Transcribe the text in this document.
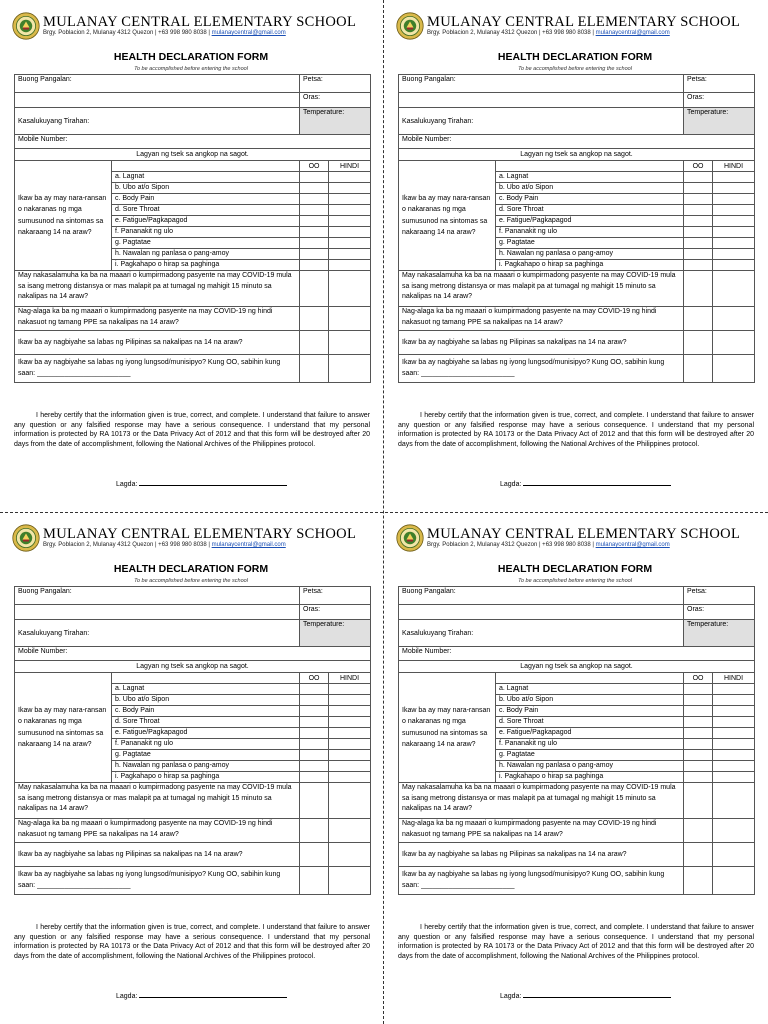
MULANAY CENTRAL ELEMENTARY SCHOOL
Brgy. Poblacion 2, Mulanay 4312 Quezon | +63 998 980 8038 | mulanaycentral@gmail.com
HEALTH DECLARATION FORM
To be accomplished before entering the school
Buong Pangalan:		Petsa:	
		Oras:	
Kasalukuyang Tirahan:		Temperature:	
Mobile Number:			
Lagyan ng tsek sa angkop na sagot.			
Ikaw ba ay may nara-ransan o nakaranas ng mga sumusunod na sintomas sa nakaraang 14 na araw?		OO	HINDI
	a. Lagnat		
	b. Ubo at/o Sipon		
	c. Body Pain		
	d. Sore Throat		
	e. Fatigue/Pagkapagod		
	f. Pananakit ng ulo		
	g. Pagtatae		
	h. Nawalan ng panlasa o pang-amoy		
	i. Pagkahapo o hirap sa paghinga		
May nakasalamuha ka ba na maaari o kumpirmadong pasyente na may COVID-19 mula sa isang metrong distansya or mas malapit pa at tumagal ng mahigit 15 minuto sa nakalipas na 14 araw?			
Nag-alaga ka ba ng maaari o kumpirmadong pasyente na may COVID-19 ng hindi nakasuot ng tamang PPE sa nakalipas na 14 araw?			
Ikaw ba ay nagbiyahe sa labas ng Pilipinas sa nakalipas na 14 na araw?			
Ikaw ba ay nagbiyahe sa labas ng iyong lungsod/munisipyo? Kung OO, sabihin kung saan: ________________________			

I hereby certify that the information given is true, correct, and complete. I understand that failure to answer any question or any falsified response may have a serious consequence. I understand that my personal information is protected by RA 10173 or the Data Privacy Act of 2012 and that this form will be destroyed after 20 days from the date of accomplishment, following the National Archives of the Philippines protocol.

Lagda:
MULANAY CENTRAL ELEMENTARY SCHOOL
Brgy. Poblacion 2, Mulanay 4312 Quezon | +63 998 980 8038 | mulanaycentral@gmail.com
HEALTH DECLARATION FORM
To be accomplished before entering the school
Buong Pangalan:		Petsa:	
		Oras:	
Kasalukuyang Tirahan:		Temperature:	
Mobile Number:			
Lagyan ng tsek sa angkop na sagot.			
Ikaw ba ay may nara-ransan o nakaranas ng mga sumusunod na sintomas sa nakaraang 14 na araw?		OO	HINDI
	a. Lagnat		
	b. Ubo at/o Sipon		
	c. Body Pain		
	d. Sore Throat		
	e. Fatigue/Pagkapagod		
	f. Pananakit ng ulo		
	g. Pagtatae		
	h. Nawalan ng panlasa o pang-amoy		
	i. Pagkahapo o hirap sa paghinga		
May nakasalamuha ka ba na maaari o kumpirmadong pasyente na may COVID-19 mula sa isang metrong distansya or mas malapit pa at tumagal ng mahigit 15 minuto sa nakalipas na 14 araw?			
Nag-alaga ka ba ng maaari o kumpirmadong pasyente na may COVID-19 ng hindi nakasuot ng tamang PPE sa nakalipas na 14 araw?			
Ikaw ba ay nagbiyahe sa labas ng Pilipinas sa nakalipas na 14 na araw?			
Ikaw ba ay nagbiyahe sa labas ng iyong lungsod/munisipyo? Kung OO, sabihin kung saan: ________________________			

I hereby certify that the information given is true, correct, and complete. I understand that failure to answer any question or any falsified response may have a serious consequence. I understand that my personal information is protected by RA 10173 or the Data Privacy Act of 2012 and that this form will be destroyed after 20 days from the date of accomplishment, following the National Archives of the Philippines protocol.

Lagda:
MULANAY CENTRAL ELEMENTARY SCHOOL
Brgy. Poblacion 2, Mulanay 4312 Quezon | +63 998 980 8038 | mulanaycentral@gmail.com
HEALTH DECLARATION FORM
To be accomplished before entering the school
Buong Pangalan:		Petsa:	
		Oras:	
Kasalukuyang Tirahan:		Temperature:	
Mobile Number:			
Lagyan ng tsek sa angkop na sagot.			
Ikaw ba ay may nara-ransan o nakaranas ng mga sumusunod na sintomas sa nakaraang 14 na araw?		OO	HINDI
	a. Lagnat		
	b. Ubo at/o Sipon		
	c. Body Pain		
	d. Sore Throat		
	e. Fatigue/Pagkapagod		
	f. Pananakit ng ulo		
	g. Pagtatae		
	h. Nawalan ng panlasa o pang-amoy		
	i. Pagkahapo o hirap sa paghinga		
May nakasalamuha ka ba na maaari o kumpirmadong pasyente na may COVID-19 mula sa isang metrong distansya or mas malapit pa at tumagal ng mahigit 15 minuto sa nakalipas na 14 araw?			
Nag-alaga ka ba ng maaari o kumpirmadong pasyente na may COVID-19 ng hindi nakasuot ng tamang PPE sa nakalipas na 14 araw?			
Ikaw ba ay nagbiyahe sa labas ng Pilipinas sa nakalipas na 14 na araw?			
Ikaw ba ay nagbiyahe sa labas ng iyong lungsod/munisipyo? Kung OO, sabihin kung saan: ________________________			

I hereby certify that the information given is true, correct, and complete. I understand that failure to answer any question or any falsified response may have a serious consequence. I understand that my personal information is protected by RA 10173 or the Data Privacy Act of 2012 and that this form will be destroyed after 20 days from the date of accomplishment, following the National Archives of the Philippines protocol.

Lagda:
MULANAY CENTRAL ELEMENTARY SCHOOL
Brgy. Poblacion 2, Mulanay 4312 Quezon | +63 998 980 8038 | mulanaycentral@gmail.com
HEALTH DECLARATION FORM
To be accomplished before entering the school
Buong Pangalan:		Petsa:	
		Oras:	
Kasalukuyang Tirahan:		Temperature:	
Mobile Number:			
Lagyan ng tsek sa angkop na sagot.			
Ikaw ba ay may nara-ransan o nakaranas ng mga sumusunod na sintomas sa nakaraang 14 na araw?		OO	HINDI
	a. Lagnat		
	b. Ubo at/o Sipon		
	c. Body Pain		
	d. Sore Throat		
	e. Fatigue/Pagkapagod		
	f. Pananakit ng ulo		
	g. Pagtatae		
	h. Nawalan ng panlasa o pang-amoy		
	i. Pagkahapo o hirap sa paghinga		
May nakasalamuha ka ba na maaari o kumpirmadong pasyente na may COVID-19 mula sa isang metrong distansya or mas malapit pa at tumagal ng mahigit 15 minuto sa nakalipas na 14 araw?			
Nag-alaga ka ba ng maaari o kumpirmadong pasyente na may COVID-19 ng hindi nakasuot ng tamang PPE sa nakalipas na 14 araw?			
Ikaw ba ay nagbiyahe sa labas ng Pilipinas sa nakalipas na 14 na araw?			
Ikaw ba ay nagbiyahe sa labas ng iyong lungsod/munisipyo? Kung OO, sabihin kung saan: ________________________			

I hereby certify that the information given is true, correct, and complete. I understand that failure to answer any question or any falsified response may have a serious consequence. I understand that my personal information is protected by RA 10173 or the Data Privacy Act of 2012 and that this form will be destroyed after 20 days from the date of accomplishment, following the National Archives of the Philippines protocol.

Lagda:
